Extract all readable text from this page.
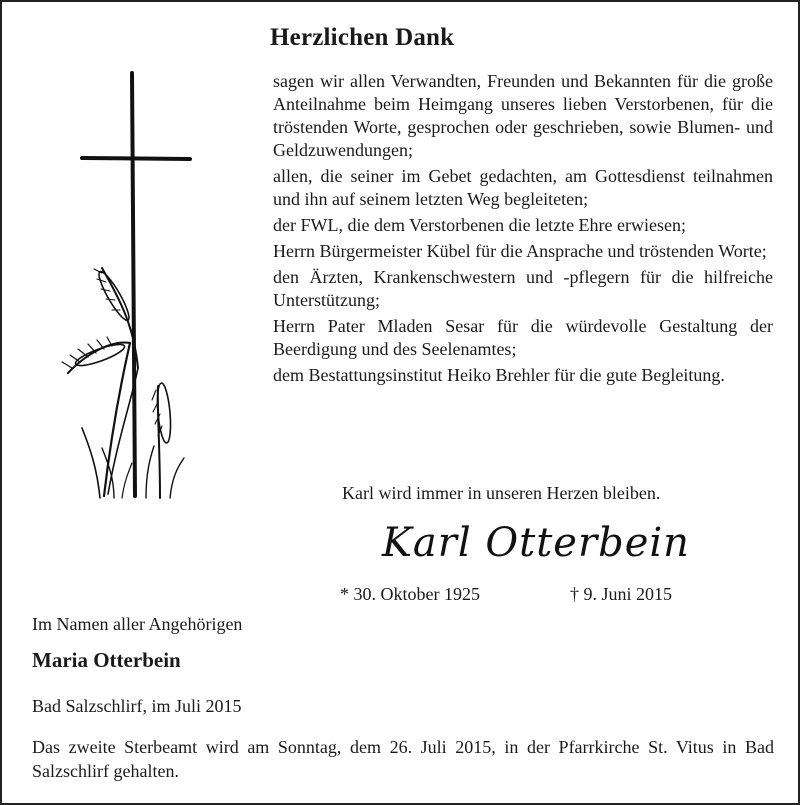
Herzlichen Dank

sagen wir allen Verwandten, Freunden und Bekannten für die große Anteilnahme beim Heimgang unseres lieben Verstorbenen, für die tröstenden Worte, gesprochen oder geschrieben, sowie Blumen- und Geldzuwendungen;

allen, die seiner im Gebet gedachten, am Gottesdienst teilnahmen und ihn auf seinem letzten Weg begleiteten;

der FWL, die dem Verstorbenen die letzte Ehre erwiesen;

Herrn Bürgermeister Kübel für die Ansprache und tröstenden Worte;

den Ärzten, Krankenschwestern und -pflegern für die hilfreiche Unterstützung;

Herrn Pater Mladen Sesar für die würdevolle Gestaltung der Beerdigung und des Seelenamtes;

dem Bestattungsinstitut Heiko Brehler für die gute Begleitung.

Karl wird immer in unseren Herzen bleiben.
Karl Otterbein
* 30. Oktober 1925	† 9. Juni 2015
Im Namen aller Angehörigen
Maria Otterbein
Bad Salzschlirf, im Juli 2015
Das zweite Sterbeamt wird am Sonntag, dem 26. Juli 2015, in der Pfarrkirche St. Vitus in Bad Salzschlirf gehalten.
